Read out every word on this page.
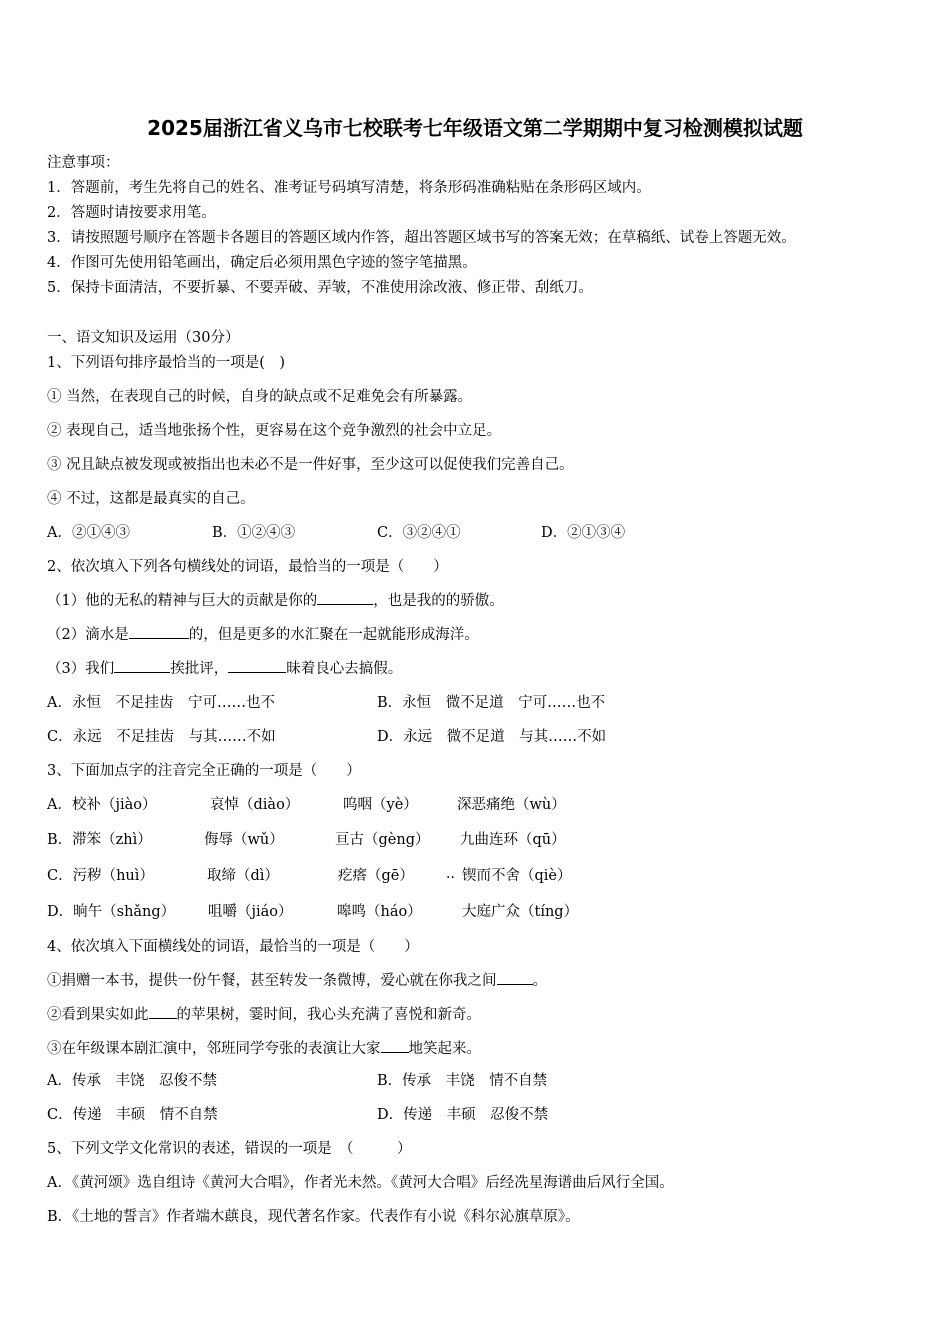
2025届浙江省义乌市七校联考七年级语文第二学期期中复习检测模拟试题
注意事项：
1．答题前，考生先将自己的姓名、准考证号码填写清楚，将条形码准确粘贴在条形码区域内。
2．答题时请按要求用笔。
3．请按照题号顺序在答题卡各题目的答题区域内作答，超出答题区域书写的答案无效；在草稿纸、试卷上答题无效。
4．作图可先使用铅笔画出，确定后必须用黑色字迹的签字笔描黑。
5．保持卡面清洁，不要折暴、不要弄破、弄皱，不准使用涂改液、修正带、刮纸刀。
一、语文知识及运用（30分）
1、下列语句排序最恰当的一项是(　)
① 当然，在表现自己的时候，自身的缺点或不足难免会有所暴露。
② 表现自己，适当地张扬个性，更容易在这个竞争激烈的社会中立足。
③ 况且缺点被发现或被指出也未必不是一件好事，至少这可以促使我们完善自己。
④ 不过，这都是最真实的自己。
A．②①④③	B．①②④③	C．③②④①	D．②①③④
2、依次填入下列各句横线处的词语，最恰当的一项是（　　）
（1）他的无私的精神与巨大的贡献是你的	，也是我的的骄傲。
（2）滴水是	的，但是更多的水汇聚在一起就能形成海洋。
（3）我们	挨批评，	昧着良心去搞假。
A．永恒　不足挂齿　宁可……也不	B．永恒　微不足道　宁可……也不
C．永远　不足挂齿　与其……不如	D．永远　微不足道　与其……不如
3、下面加点字的注音完全正确的一项是（　　）
A．校补（jiào）	哀悼（diào）	呜咽（yè）	深恶痛绝（wù）
B．滞笨（zhì）	侮辱（wǔ）	亘古（gèng） 九曲连环（qū）
C．污秽（huì）	取缔（dì）	疙瘩（gē） ·· 锲而不舍（qiè）
D．晌午（shǎng） 咀嚼（jiáo）	嗥鸣（háo）	大庭广众（tíng）
4、依次填入下面横线处的词语，最恰当的一项是（　　）
①捐赠一本书，提供一份午餐，甚至转发一条微博，爱心就在你我之间 。
②看到果实如此 的苹果树，霎时间，我心头充满了喜悦和新奇。
③在年级课本剧汇演中，邻班同学夸张的表演让大家 地笑起来。
A．传承　丰饶　忍俊不禁	B．传承　丰饶　情不自禁
C．传递　丰硕　情不自禁	D．传递　丰硕　忍俊不禁
5、下列文学文化常识的表述，错误的一项是　（　　　）
A．《黄河颂》选自组诗《黄河大合唱》，作者光未然。《黄河大合唱》后经冼星海谱曲后风行全国。
B．《土地的誓言》作者端木蕻良，现代著名作家。代表作有小说《科尔沁旗草原》。
